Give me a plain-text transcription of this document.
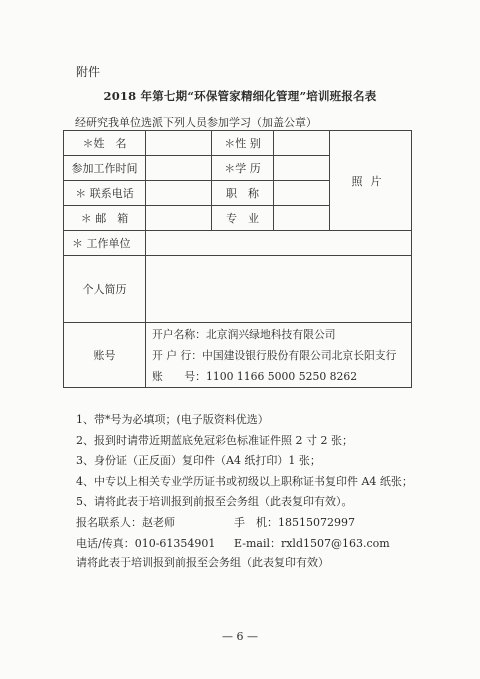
附件
2018 年第七期“环保管家精细化管理”培训班报名表
经研究我单位选派下列人员参加学习（加盖公章）
＊姓　名		＊性 别		照片
参加工作时间		＊学 历		
＊ 联系电话		职　称		
＊ 邮　箱		专　业		
＊ 工作单位				
个人简历				
账号	开户名称：北京润兴绿地科技有限公司
开 户 行：中国建设银行股份有限公司北京长阳支行
账　　号：1100 1166 5000 5250 8262			
1、带*号为必填项；(电子版资料优选）
2、报到时请带近期蓝底免冠彩色标准证件照 2 寸 2 张；
3、身份证（正反面）复印件（A4 纸打印）1 张；
4、中专以上相关专业学历证书或初级以上职称证书复印件 A4 纸张；
5、请将此表于培训报到前报至会务组（此表复印有效）。
报名联系人：赵老师	手　机：18515072997
电话/传真：010-61354901 E-mail：rxld1507@163.com
请将此表于培训报到前报至会务组（此表复印有效）
— 6 —
